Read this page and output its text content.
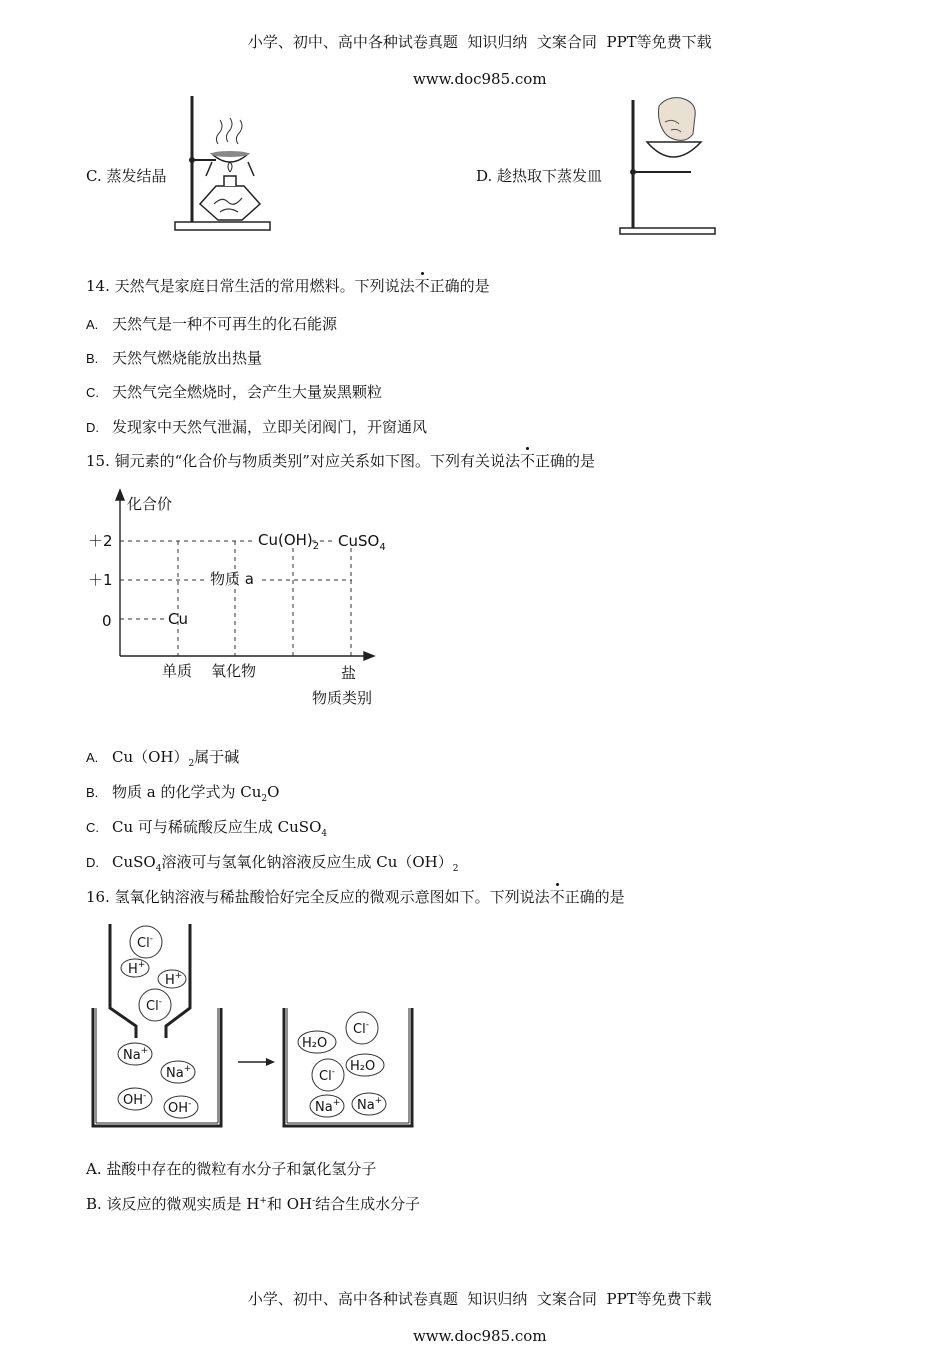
小学、初中、高中各种试卷真题  知识归纳  文案合同  PPT等免费下载

www.doc985.com

C. 蒸发结晶	D. 趁热取下蒸发皿
14. 天然气是家庭日常生活的常用燃料。下列说法不正确的是
A. 天然气是一种不可再生的化石能源
B. 天然气燃烧能放出热量
C. 天然气完全燃烧时，会产生大量炭黑颗粒
D. 发现家中天然气泄漏，立即关闭阀门，开窗通风
15. 铜元素的“化合价与物质类别”对应关系如下图。下列有关说法不正确的是
化合价
＋2
＋1
0	Cu
物质 a
$Cu(OH)_2$ CuSO$_4$
单质 氧化物	盐
物质类别
A. $Cu(OH)_2$属于碱
B. 物质 a 的化学式为 $Cu_2O$
C. Cu 可与稀硫酸反应生成 CuSO$_4$
D. CuSO$_4$溶液可与氢氧化钠溶液反应生成 $Cu(OH)_2$
16. 氢氧化钠溶液与稀盐酸恰好完全反应的微观示意图如下。下列说法不正确的是
Cl-
H+
H+
Cl-
Na+
Na+
OH-
OH-
H₂O
Cl-
H₂O
Cl-
Na+ Na+
A. 盐酸中存在的微粒有水分子和氯化氢分子
B. 该反应的微观实质是 H+和 OH-结合生成水分子

小学、初中、高中各种试卷真题  知识归纳  文案合同  PPT等免费下载

www.doc985.com
